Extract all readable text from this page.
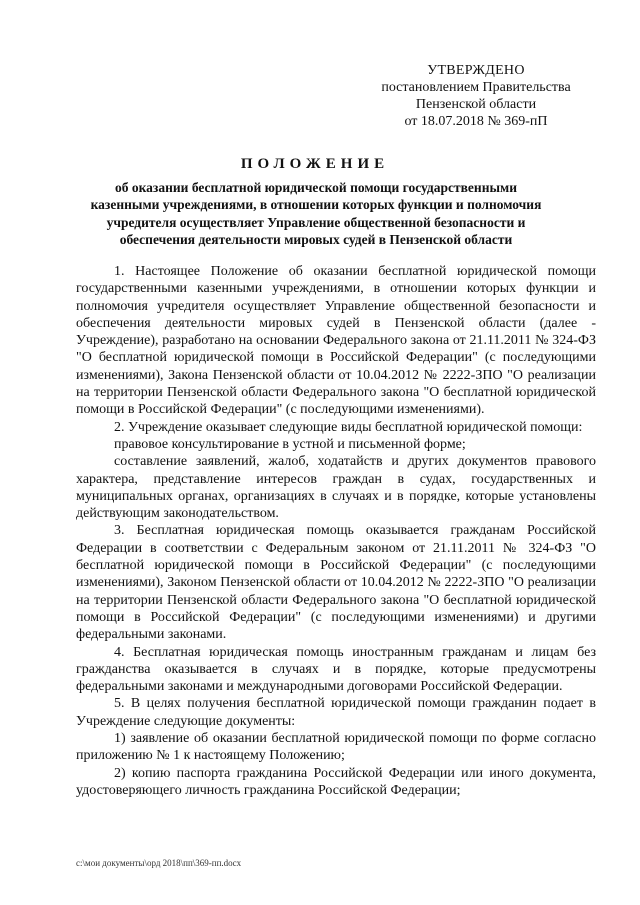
УТВЕРЖДЕНО
постановлением Правительства
Пензенской области
от 18.07.2018 № 369-пП
ПОЛОЖЕНИЕ
об оказании бесплатной юридической помощи государственными
казенными учреждениями, в отношении которых функции и полномочия
учредителя осуществляет Управление общественной безопасности и
обеспечения деятельности мировых судей в Пензенской области

1. Настоящее Положение об оказании бесплатной юридической помощи государственными казенными учреждениями, в отношении которых функции и полномочия учредителя осуществляет Управление общественной безопасности и обеспечения деятельности мировых судей в Пензенской области (далее - Учреждение), разработано на основании Федерального закона от 21.11.2011 № 324-ФЗ "О бесплатной юридической помощи в Российской Федерации" (с последующими изменениями), Закона Пензенской области от 10.04.2012 № 2222-ЗПО "О реализации на территории Пензенской области Федерального закона "О бесплатной юридической помощи в Российской Федерации" (с последующими изменениями).

2. Учреждение оказывает следующие виды бесплатной юридической помощи:

правовое консультирование в устной и письменной форме;

составление заявлений, жалоб, ходатайств и других документов правового характера, представление интересов граждан в судах, государственных и муниципальных органах, организациях в случаях и в порядке, которые установлены действующим законодательством.

3. Бесплатная юридическая помощь оказывается гражданам Российской Федерации в соответствии с Федеральным законом от 21.11.2011 № 324-ФЗ "О бесплатной юридической помощи в Российской Федерации" (с последующими изменениями), Законом Пензенской области от 10.04.2012 № 2222-ЗПО "О реализации на территории Пензенской области Федерального закона "О бесплатной юридической помощи в Российской Федерации" (с последующими изменениями) и другими федеральными законами.

4. Бесплатная юридическая помощь иностранным гражданам и лицам без гражданства оказывается в случаях и в порядке, которые предусмотрены федеральными законами и международными договорами Российской Федерации.

5. В целях получения бесплатной юридической помощи гражданин подает в Учреждение следующие документы:

1) заявление об оказании бесплатной юридической помощи по форме согласно приложению № 1 к настоящему Положению;

2) копию паспорта гражданина Российской Федерации или иного документа, удостоверяющего личность гражданина Российской Федерации;

c:\мои документы\орд 2018\пп\369-пп.docx
